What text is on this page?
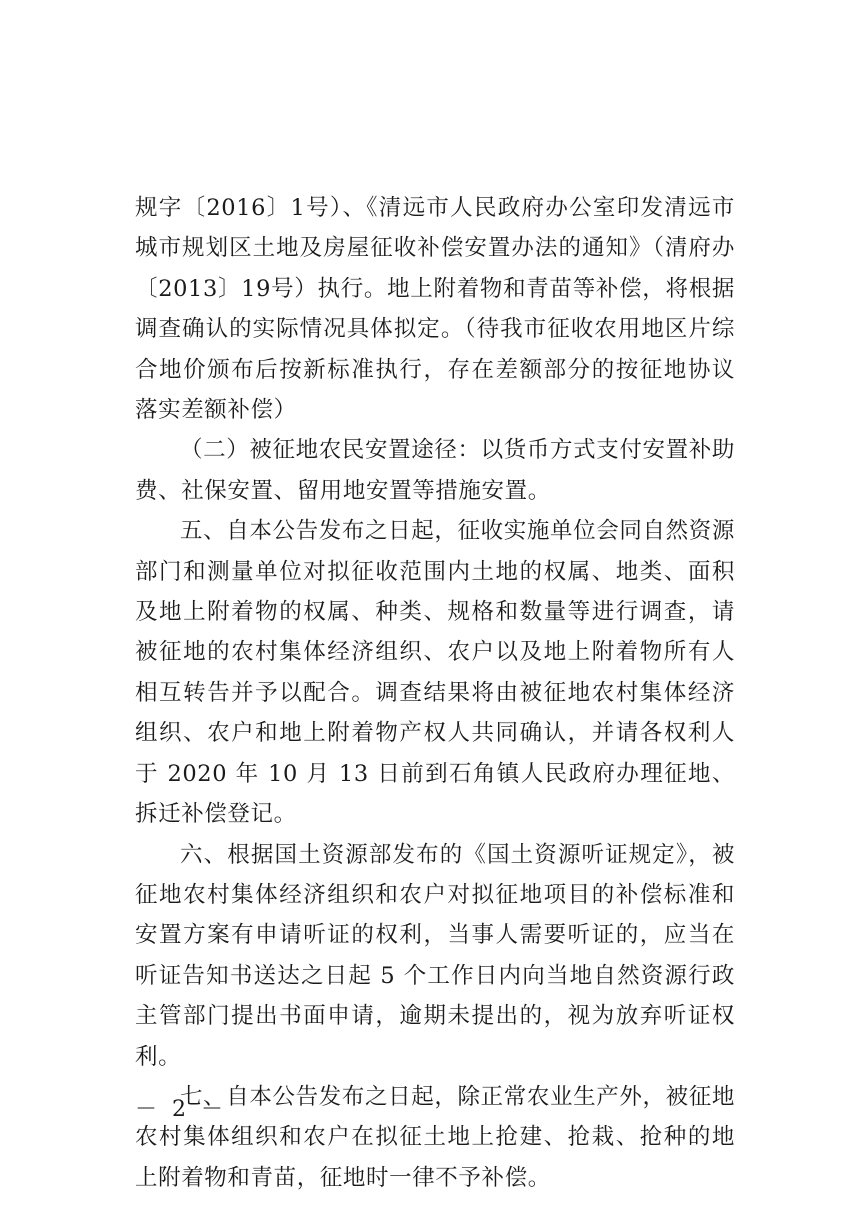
规字〔2016〕1号）、《清远市人民政府办公室印发清远市城市规划区土地及房屋征收补偿安置办法的通知》（清府办〔2013〕19号）执行。地上附着物和青苗等补偿，将根据调查确认的实际情况具体拟定。（待我市征收农用地区片综合地价颁布后按新标准执行，存在差额部分的按征地协议落实差额补偿）

（二）被征地农民安置途径：以货币方式支付安置补助费、社保安置、留用地安置等措施安置。

五、自本公告发布之日起，征收实施单位会同自然资源部门和测量单位对拟征收范围内土地的权属、地类、面积及地上附着物的权属、种类、规格和数量等进行调查，请被征地的农村集体经济组织、农户以及地上附着物所有人相互转告并予以配合。调查结果将由被征地农村集体经济组织、农户和地上附着物产权人共同确认，并请各权利人于 2020 年 10 月 13 日前到石角镇人民政府办理征地、拆迁补偿登记。

六、根据国土资源部发布的《国土资源听证规定》，被征地农村集体经济组织和农户对拟征地项目的补偿标准和安置方案有申请听证的权利，当事人需要听证的，应当在听证告知书送达之日起 5 个工作日内向当地自然资源行政主管部门提出书面申请，逾期未提出的，视为放弃听证权利。

七、自本公告发布之日起，除正常农业生产外，被征地农村集体组织和农户在拟征土地上抢建、抢栽、抢种的地上附着物和青苗，征地时一律不予补偿。

－ 2 －
